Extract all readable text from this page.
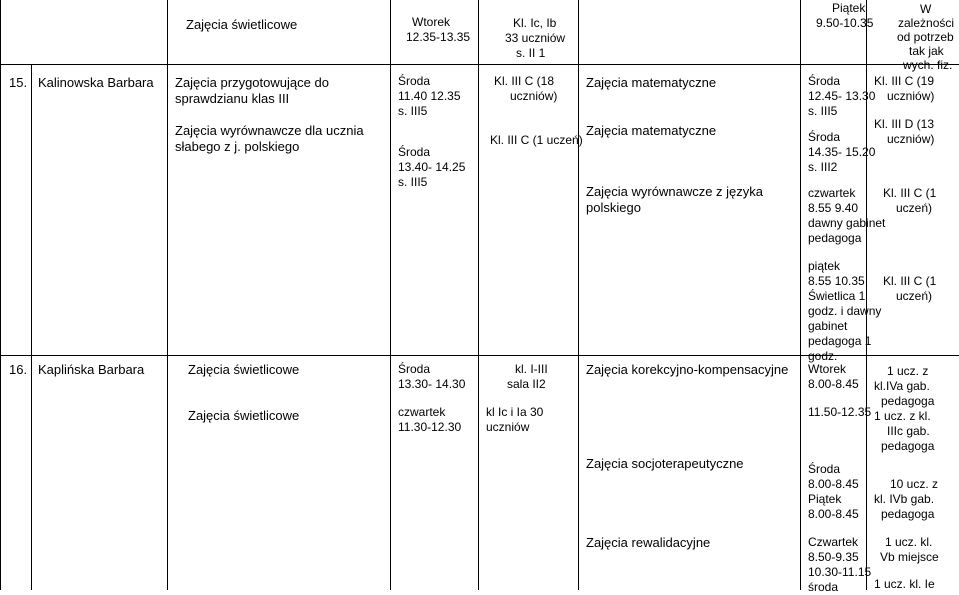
Zajęcia świetlicowe	Wtorek
12.35-13.35
Kl. Ic, Ib
33 uczniów
s. II 1
Piątek
9.50-10.35
W
zależności
od potrzeb
tak jak
wych. fiz.
15. Kalinowska Barbara Zajęcia przygotowujące do
sprawdzianu klas III
Zajęcia wyrównawcze dla ucznia
słabego z j. polskiego
Środa
11.40 12.35
s. III5
Środa
13.40- 14.25
s. III5
Kl. III C (18
uczniów)
Kl. III C (1 uczeń)
Zajęcia matematyczne
Zajęcia matematyczne
Zajęcia wyrównawcze z języka
polskiego
Środa
12.45- 13.30
s. III5
Środa
14.35- 15.20
s. III2
czwartek
8.55 9.40
dawny gabinet
pedagoga
Kl. III C (19
uczniów)
Kl. III D (13
uczniów)
Kl. III C (1
uczeń)
piątek
8.55 10.35
Świetlica 1
godz. i dawny
gabinet
pedagoga 1
godz.
Kl. III C (1
uczeń)
16. Kaplińska Barbara	Zajęcia świetlicowe
Zajęcia świetlicowe
Środa
13.30- 14.30
czwartek
11.30-12.30
kl. I-III
sala II2
kl Ic i Ia 30
uczniów
Zajęcia korekcyjno-kompensacyjne
Zajęcia socjoterapeutyczne
Zajęcia rewalidacyjne
Wtorek
8.00-8.45
11.50-12.35
Środa
8.00-8.45
Piątek
8.00-8.45
Czwartek
8.50-9.35
10.30-11.15
środa
1 ucz. z
kl.IVa gab.
pedagoga
1 ucz. z kl.
IIIc gab.
pedagoga
10 ucz. z
kl. IVb gab.
pedagoga
1 ucz. kl.
Vb miejsce
1 ucz. kl. Ie
